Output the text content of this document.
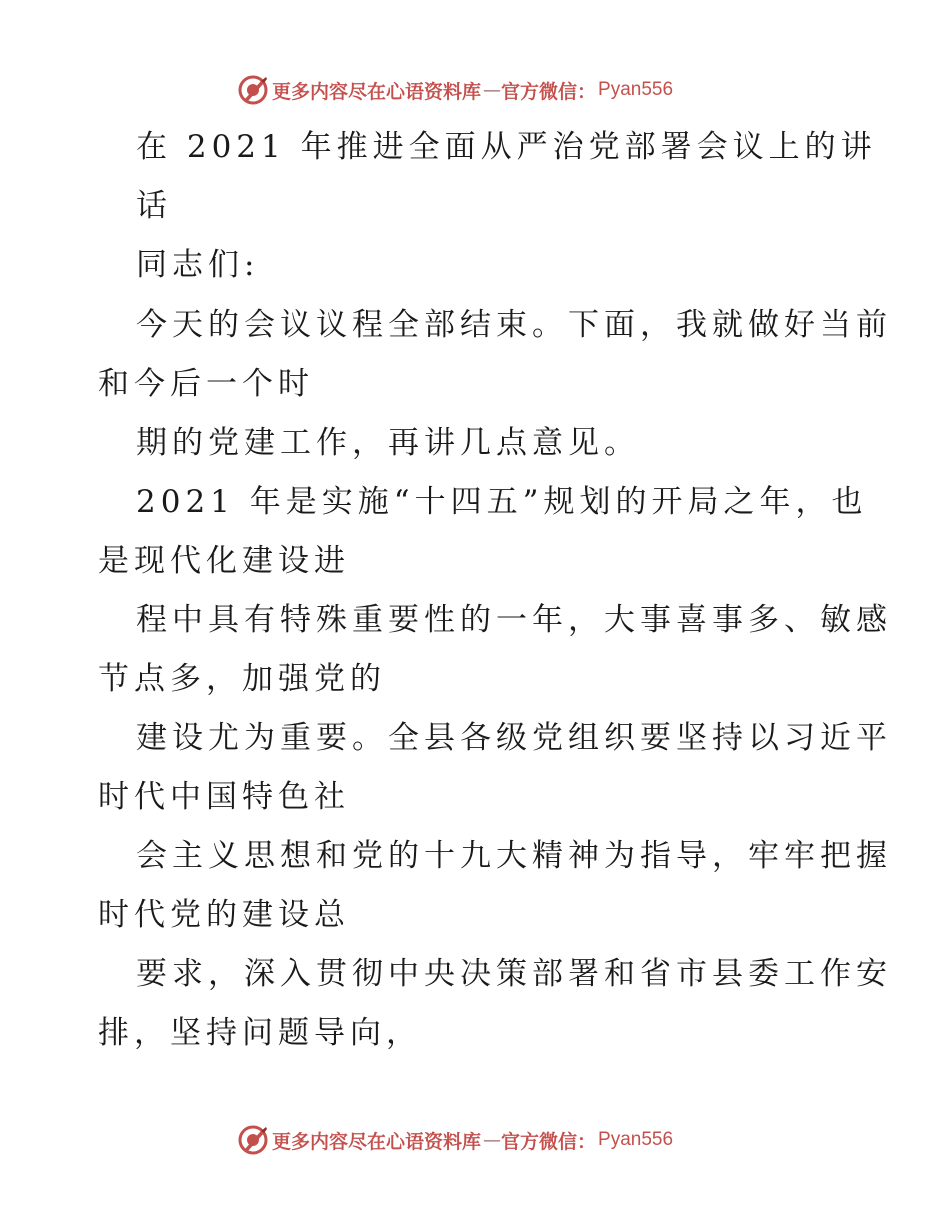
更多内容尽在心语资料库 — 官方微信： Pyan556
在 2021 年推进全面从严治党部署会议上的讲
话
同志们:
今天的会议议程全部结束。下面，我就做好当前
和今后一个时
期的党建工作，再讲几点意见。
2021 年是实施“十四五”规划的开局之年，也
是现代化建设进
程中具有特殊重要性的一年，大事喜事多、敏感
节点多，加强党的
建设尤为重要。全县各级党组织要坚持以习近平
时代中国特色社
会主义思想和党的十九大精神为指导，牢牢把握
时代党的建设总
要求，深入贯彻中央决策部署和省市县委工作安
排，坚持问题导向，
更多内容尽在心语资料库 — 官方微信： Pyan556
